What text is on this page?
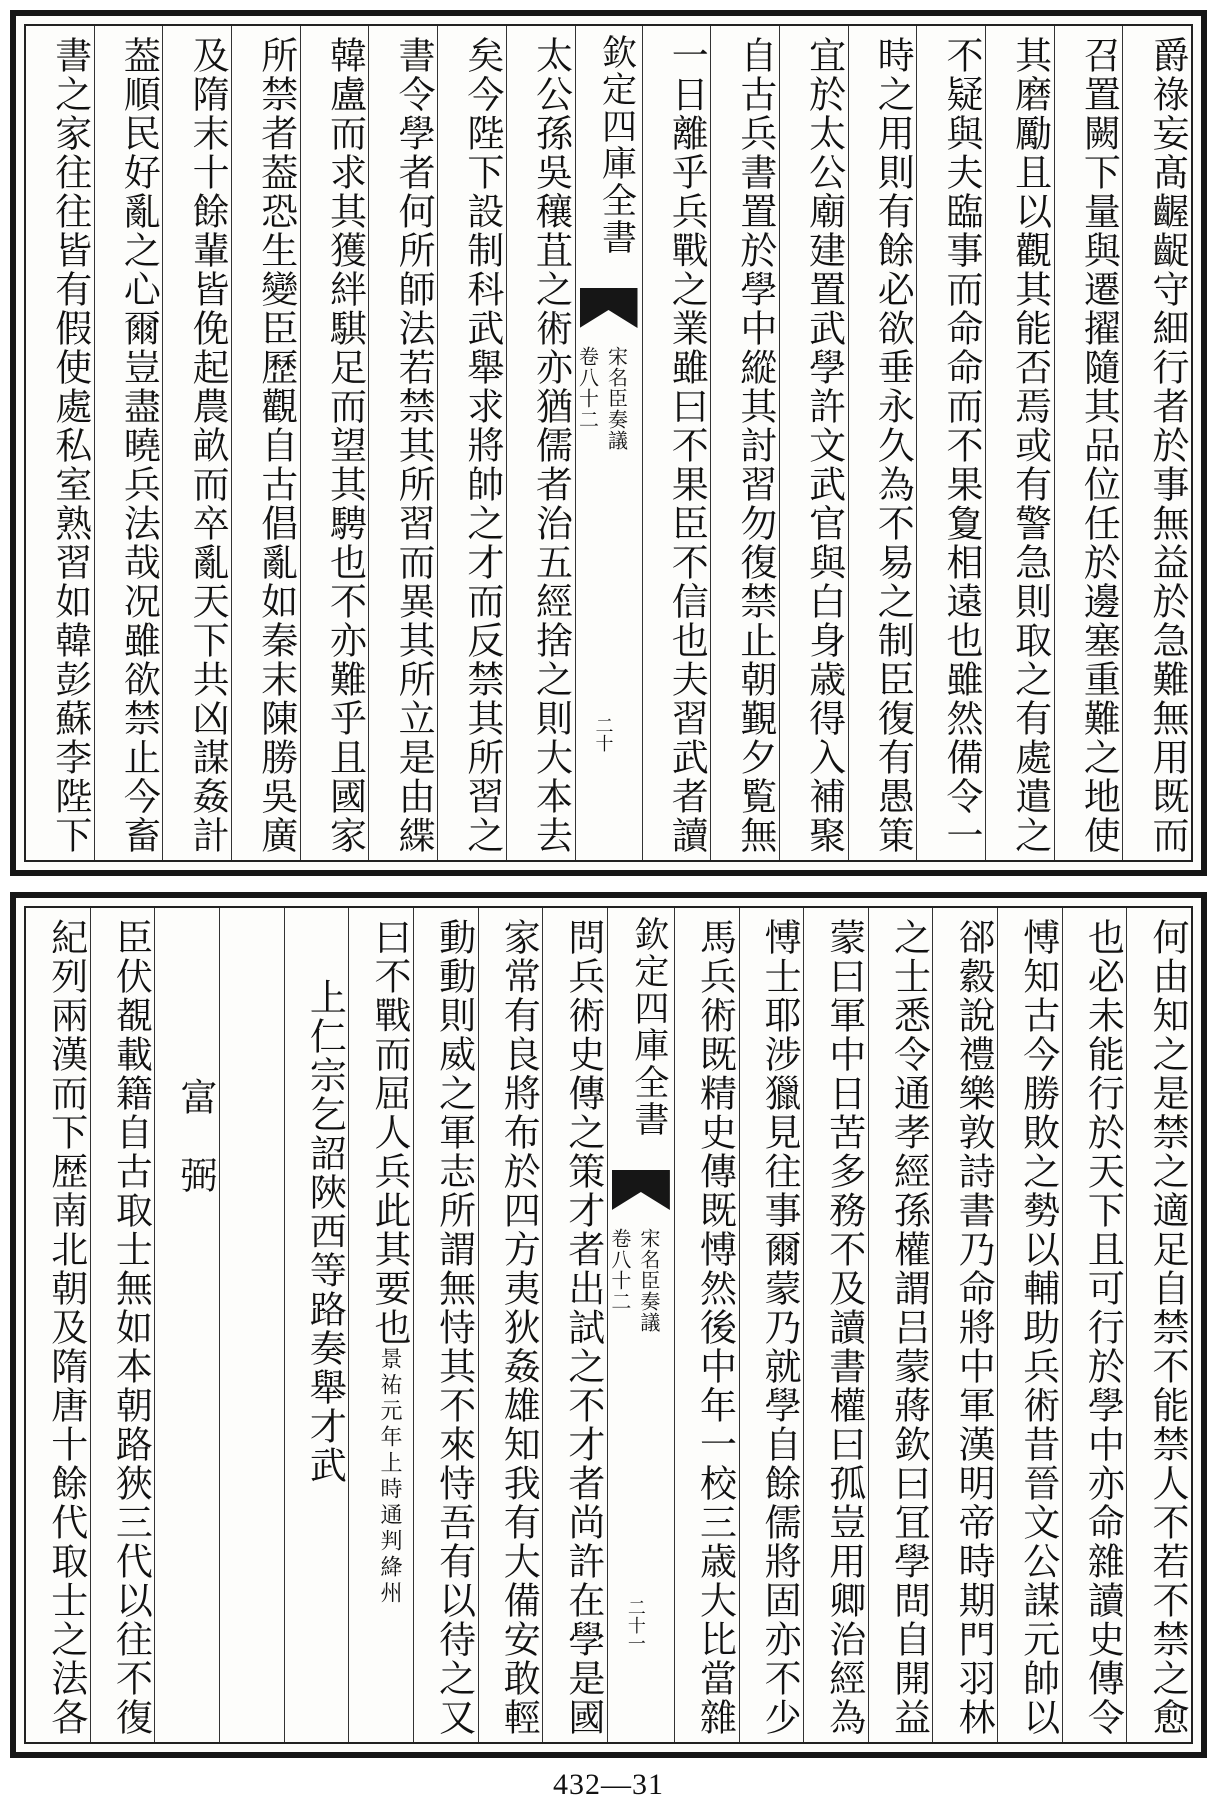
爵祿妄髙齷齪守細行者於事無益於急難無用既而
召置闕下量與遷擢隨其品位任於邊塞重難之地使
其磨勵且以觀其能否焉或有警急則取之有處遣之
不疑與夫臨事而命命而不果夐相遠也雖然備令一
時之用則有餘必欲垂永久為不易之制臣復有愚䇿
宜於太公廟建置武學許文武官與白身歳得入補聚
自古兵書置於學中縱其討習勿復禁止朝覲夕覧無
一日離乎兵戰之業雖曰不果臣不信也夫習武者讀
欽定四庫全書
宋名臣奏議
卷八十二
二十
太公孫吳穰苴之術亦猶儒者治五經捨之則大本去
矣今陛下設制科武舉求將帥之才而反禁其所習之
書令學者何所師法若禁其所習而異其所立是由緤
韓盧而求其獲絆騏足而望其騁也不亦難乎且國家
所禁者葢恐生變臣歷觀自古倡亂如秦末陳勝吳廣
及隋末十餘輩皆俛起農畝而卒亂天下共凶謀姦計
葢順民好亂之心爾豈盡曉兵法哉况雖欲禁止今畜
書之家往往皆有假使處私室熟習如韓彭蘇李陛下
何由知之是禁之適足自禁不能禁人不若不禁之愈
也必未能行於天下且可行於學中亦命雜讀史傳令
愽知古今勝敗之勢以輔助兵術昔晉文公謀元帥以
郤縠說禮樂敦詩書乃命將中軍漢明帝時期門羽林
之士悉令通孝經孫權謂吕蒙蔣欽曰冝學問自開益
蒙曰軍中日苦多務不及讀書權曰孤豈用卿治經為
愽士耶涉獵見往事爾蒙乃就學自餘儒將固亦不少
馬兵術既精史傳既愽然後中年一校三歳大比當雜
欽定四庫全書
宋名臣奏議
卷八十二
二十一
問兵術史傳之策才者出試之不才者尚許在學是國
家常有良將布於四方夷狄姦雄知我有大備安敢輕
動動則威之軍志所謂無恃其不來恃吾有以待之又
曰不戰而屈人兵此其要也景祐元年上時通判絳州
上仁宗乞詔陜西等路奏舉才武
富　弼
臣伏覩載籍自古取士無如本朝路狹三代以往不復
紀列兩漢而下歴南北朝及隋唐十餘代取士之法各
432—31
